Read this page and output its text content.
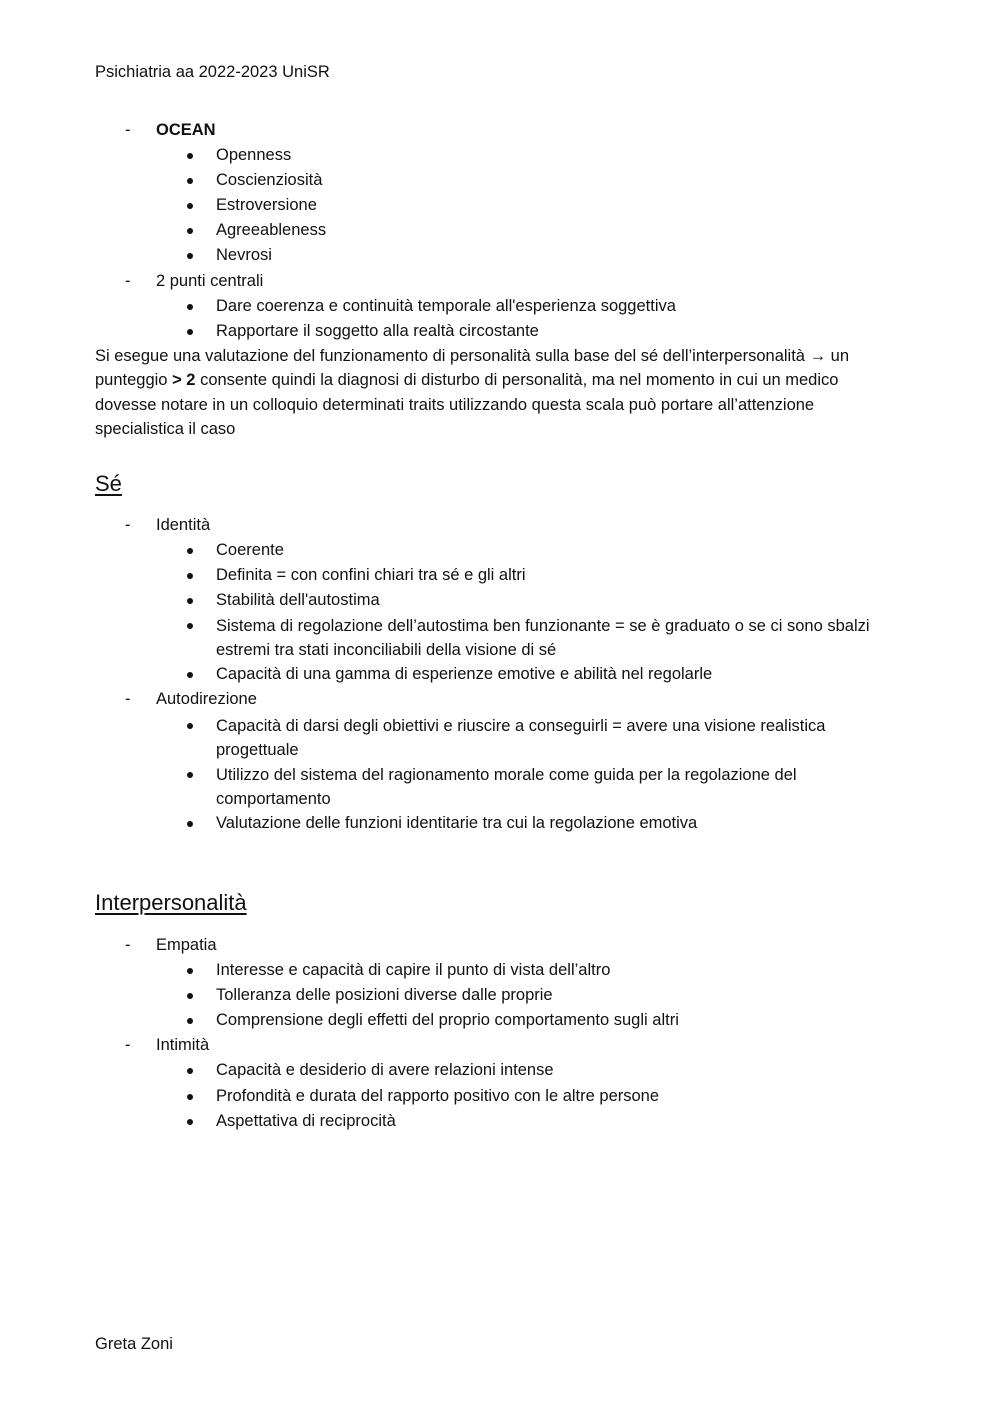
Psichiatria aa 2022-2023 UniSR
- OCEAN
Openness
Coscienziosità
Estroversione
Agreeableness
Nevrosi
- 2 punti centrali
Dare coerenza e continuità temporale all'esperienza soggettiva
Rapportare il soggetto alla realtà circostante

Si esegue una valutazione del funzionamento di personalità sulla base del sé dell’interpersonalità → un punteggio > 2 consente quindi la diagnosi di disturbo di personalità, ma nel momento in cui un medico dovesse notare in un colloquio determinati traits utilizzando questa scala può portare all’attenzione specialistica il caso

Sé
- Identità
Coerente
Definita = con confini chiari tra sé e gli altri
Stabilità dell'autostima
Sistema di regolazione dell’autostima ben funzionante = se è graduato o se ci sono sbalzi estremi tra stati inconciliabili della visione di sé
Capacità di una gamma di esperienze emotive e abilità nel regolarle
- Autodirezione
Capacità di darsi degli obiettivi e riuscire a conseguirli = avere una visione realistica progettuale
Utilizzo del sistema del ragionamento morale come guida per la regolazione del comportamento
Valutazione delle funzioni identitarie tra cui la regolazione emotiva
Interpersonalità
- Empatia
Interesse e capacità di capire il punto di vista dell’altro
Tolleranza delle posizioni diverse dalle proprie
Comprensione degli effetti del proprio comportamento sugli altri
- Intimità
Capacità e desiderio di avere relazioni intense
Profondità e durata del rapporto positivo con le altre persone
Aspettativa di reciprocità
Greta Zoni
